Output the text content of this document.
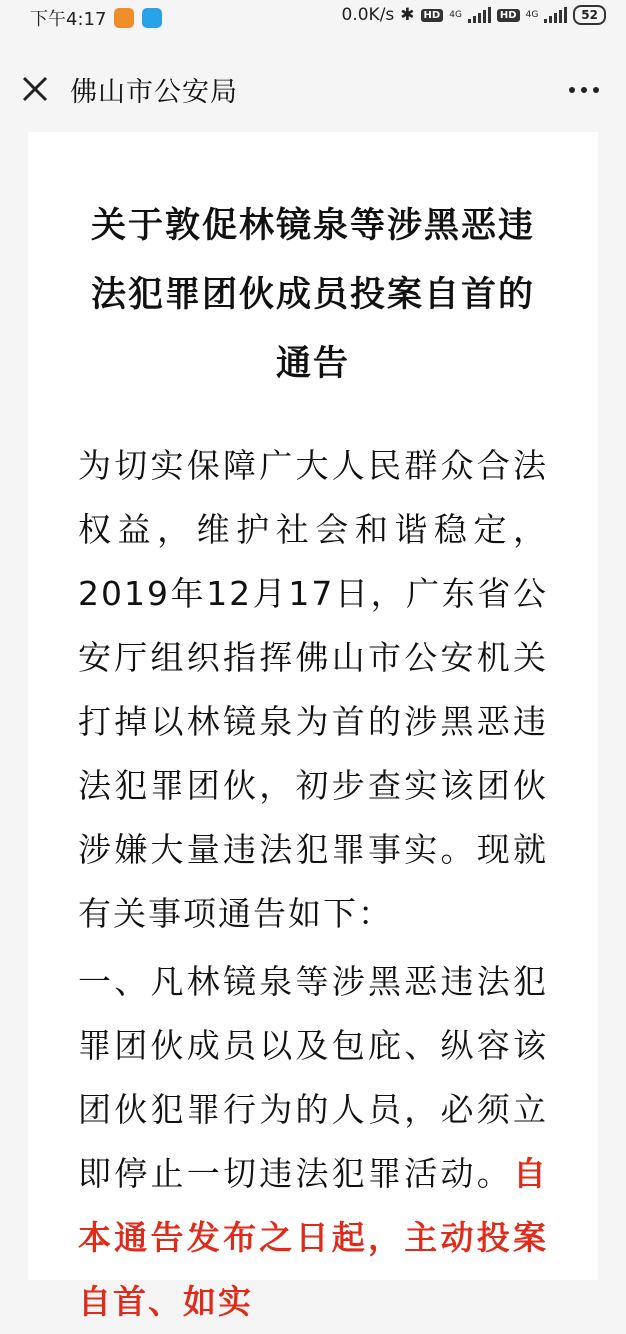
下午4:17	0.0K/s ✱ HD	4G	HD	4G	52
佛山市公安局
关于敦促林镜泉等涉黑恶违法犯罪团伙成员投案自首的通告

为切实保障广大人民群众合法权益，维护社会和谐稳定，2019年12月17日，广东省公安厅组织指挥佛山市公安机关打掉以林镜泉为首的涉黑恶违法犯罪团伙，初步查实该团伙涉嫌大量违法犯罪事实。现就有关事项通告如下：

一、凡林镜泉等涉黑恶违法犯罪团伙成员以及包庇、纵容该团伙犯罪行为的人员，必须立即停止一切违法犯罪活动。自本通告发布之日起，主动投案自首、如实
